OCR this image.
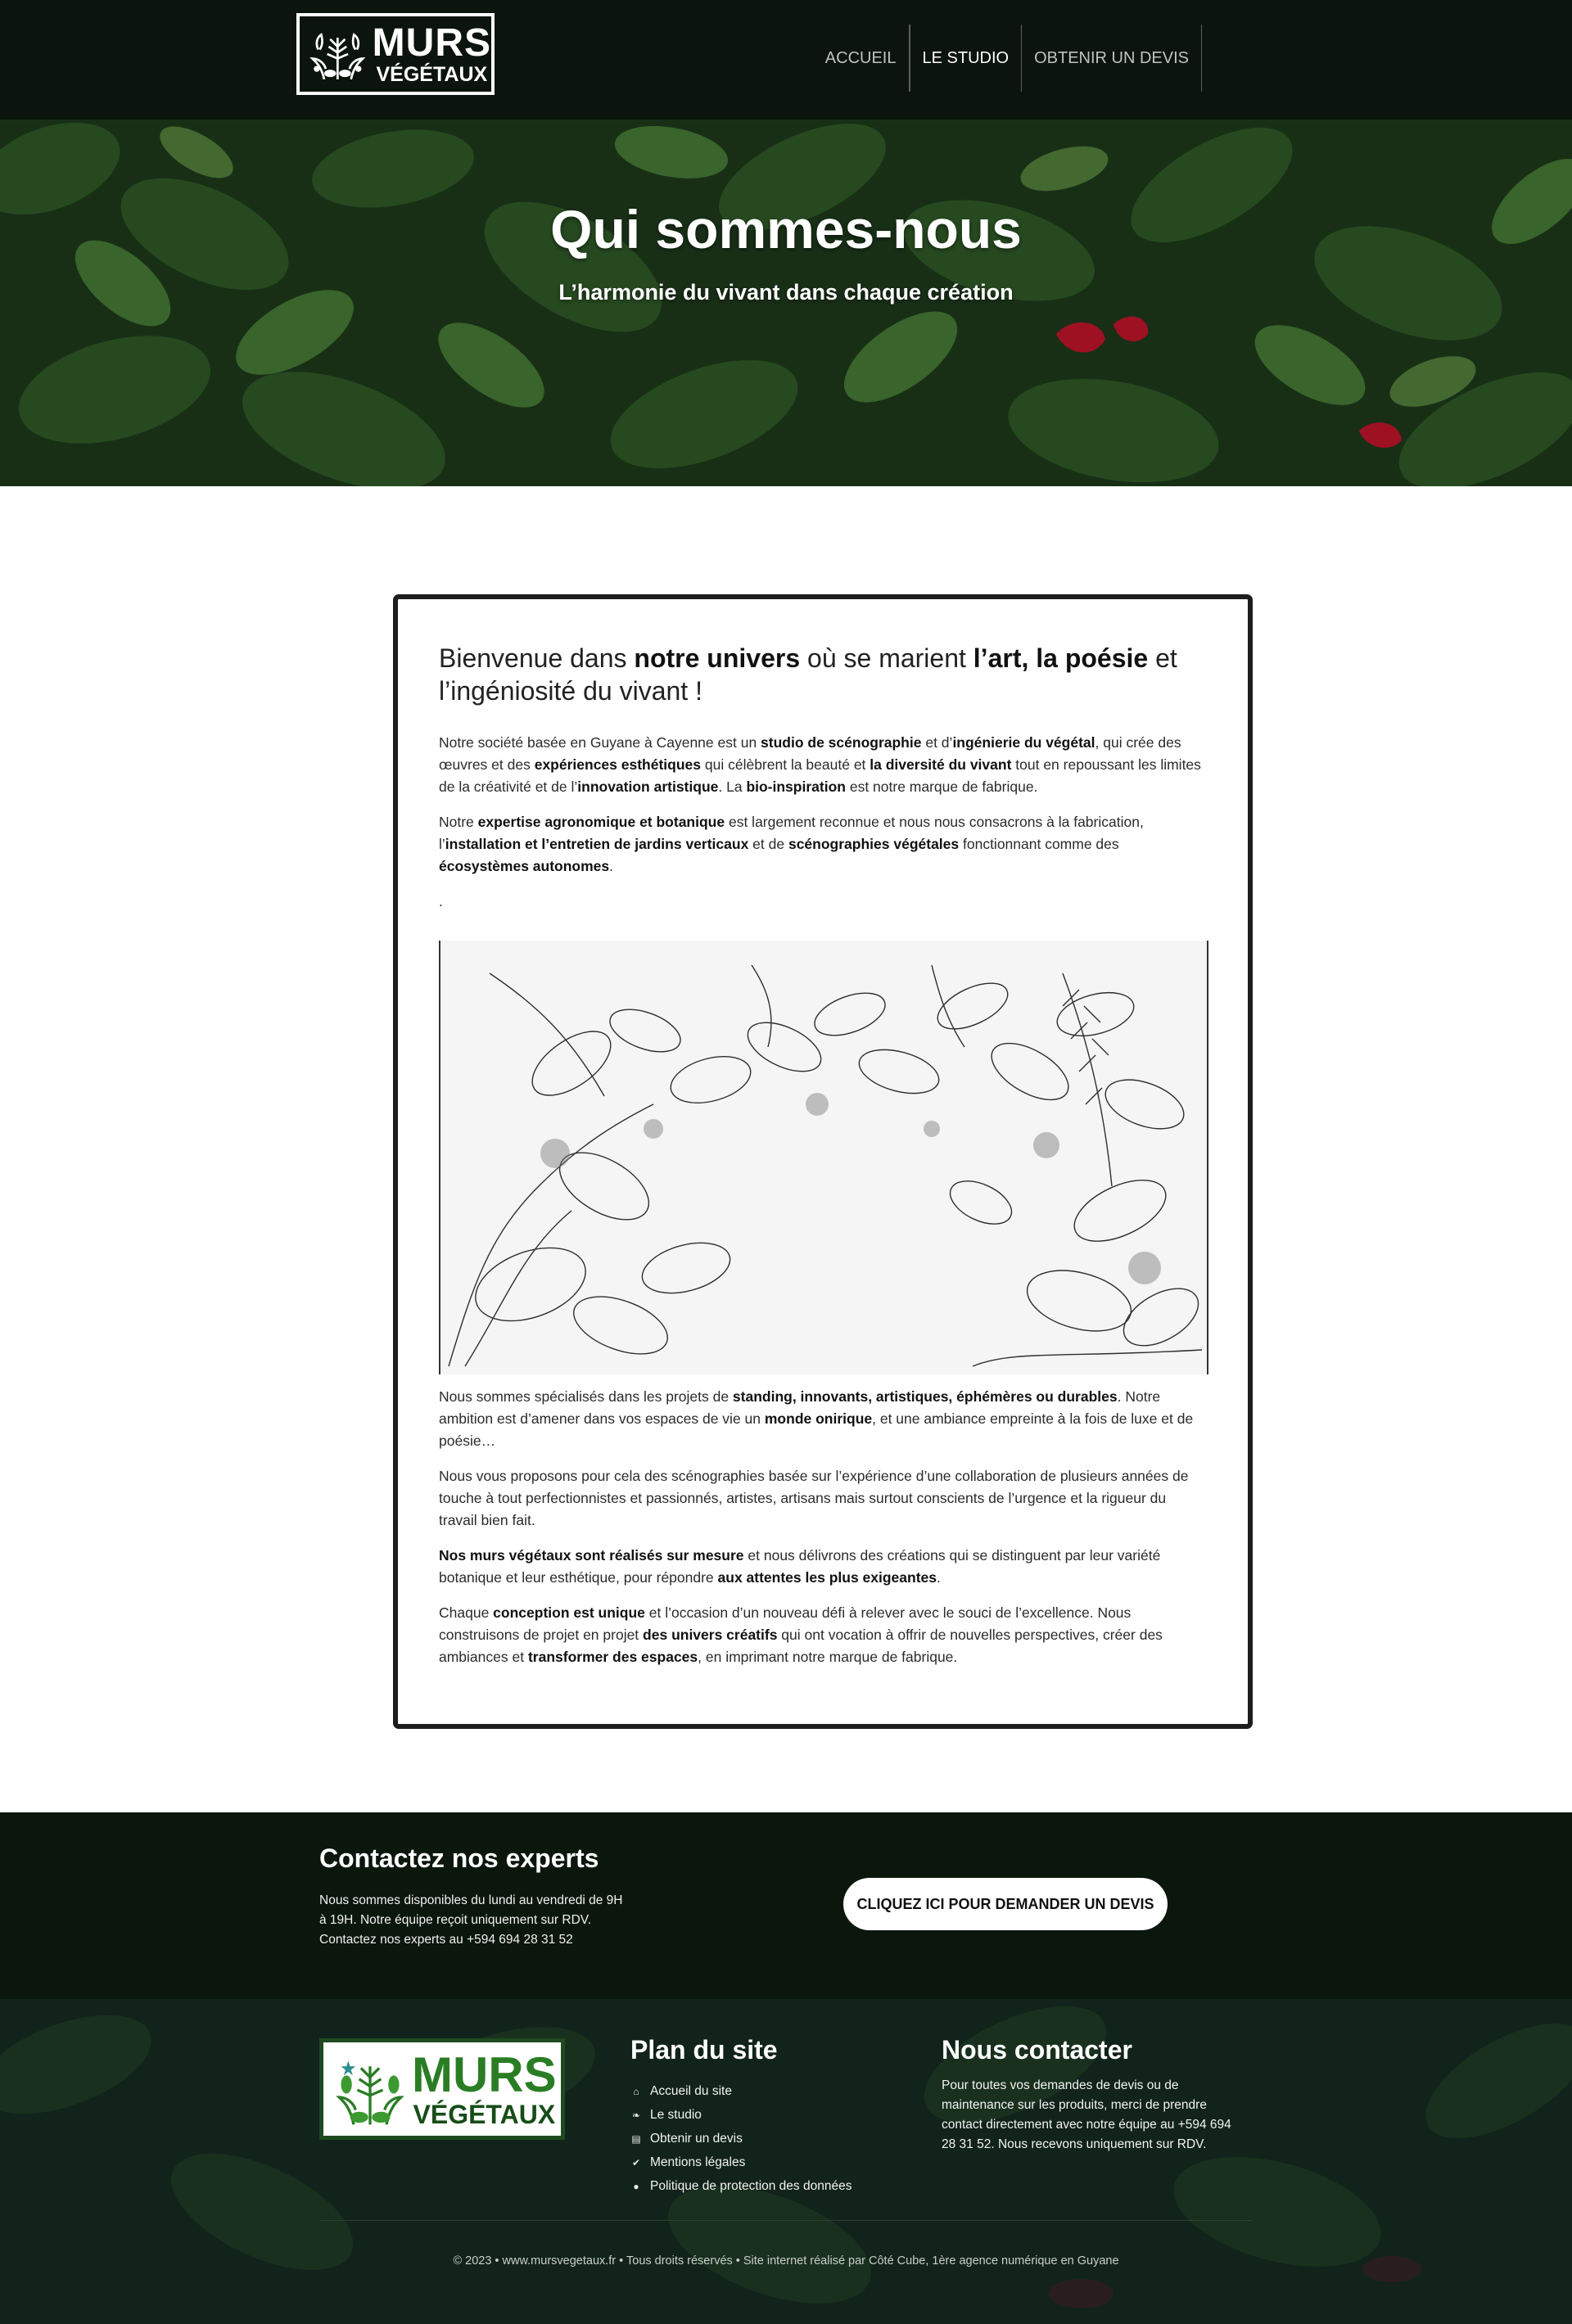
MURS
VÉGÉTAUX
ACCUEIL	LE STUDIO	OBTENIR UN DEVIS
Qui sommes-nous
L’harmonie du vivant dans chaque création
Bienvenue dans notre univers où se marient l’art, la poésie et l’ingéniosité du vivant !

Notre société basée en Guyane à Cayenne est un studio de scénographie et d’ingénierie du végétal, qui crée des œuvres et des expériences esthétiques qui célèbrent la beauté et la diversité du vivant tout en repoussant les limites de la créativité et de l’innovation artistique. La bio-inspiration est notre marque de fabrique.

Notre expertise agronomique et botanique est largement reconnue et nous nous consacrons à la fabrication, l’installation et l’entretien de jardins verticaux et de scénographies végétales fonctionnant comme des écosystèmes autonomes.

.

Nous sommes spécialisés dans les projets de standing, innovants, artistiques, éphémères ou durables. Notre ambition est d’amener dans vos espaces de vie un monde onirique, et une ambiance empreinte à la fois de luxe et de poésie…

Nous vous proposons pour cela des scénographies basée sur l’expérience d’une collaboration de plusieurs années de touche à tout perfectionnistes et passionnés, artistes, artisans mais surtout conscients de l’urgence et la rigueur du travail bien fait.

Nos murs végétaux sont réalisés sur mesure et nous délivrons des créations qui se distinguent par leur variété botanique et leur esthétique, pour répondre aux attentes les plus exigeantes.

Chaque conception est unique et l’occasion d’un nouveau défi à relever avec le souci de l’excellence. Nous construisons de projet en projet des univers créatifs qui ont vocation à offrir de nouvelles perspectives, créer des ambiances et transformer des espaces, en imprimant notre marque de fabrique.

Contactez nos experts

Nous sommes disponibles du lundi au vendredi de 9H à 19H. Notre équipe reçoit uniquement sur RDV. Contactez nos experts au +594 694 28 31 52

CLIQUEZ ICI POUR DEMANDER UN DEVIS
MURS
VÉGÉTAUX
Plan du site
⌂ Accueil du site
❧ Le studio
▤ Obtenir un devis
✔ Mentions légales
● Politique de protection des données
Nous contacter

Pour toutes vos demandes de devis ou de maintenance sur les produits, merci de prendre contact directement avec notre équipe au +594 694 28 31 52. Nous recevons uniquement sur RDV.

© 2023 • www.mursvegetaux.fr • Tous droits réservés • Site internet réalisé par Côté Cube, 1ère agence numérique en Guyane
